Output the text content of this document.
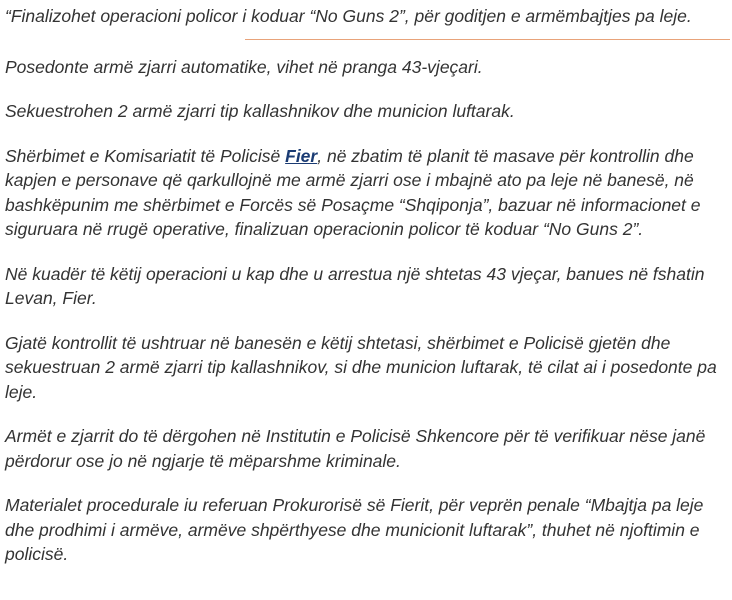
“Finalizohet operacioni policor i koduar “No Guns 2”, për goditjen e armëmbajtjes pa leje.

Posedonte armë zjarri automatike, vihet në pranga 43-vjeçari.

Sekuestrohen 2 armë zjarri tip kallashnikov dhe municion luftarak.

Shërbimet e Komisariatit të Policisë Fier, në zbatim të planit të masave për kontrollin dhe kapjen e personave që qarkullojnë me armë zjarri ose i mbajnë ato pa leje në banesë, në bashkëpunim me shërbimet e Forcës së Posaçme “Shqiponja”, bazuar në informacionet e siguruara në rrugë operative, finalizuan operacionin policor të koduar “No Guns 2”.

Në kuadër të këtij operacioni u kap dhe u arrestua një shtetas 43 vjeçar, banues në fshatin Levan, Fier.

Gjatë kontrollit të ushtruar në banesën e këtij shtetasi, shërbimet e Policisë gjetën dhe sekuestruan 2 armë zjarri tip kallashnikov, si dhe municion luftarak, të cilat ai i posedonte pa leje.

Armët e zjarrit do të dërgohen në Institutin e Policisë Shkencore për të verifikuar nëse janë përdorur ose jo në ngjarje të mëparshme kriminale.

Materialet procedurale iu referuan Prokurorisë së Fierit, për veprën penale “Mbajtja pa leje dhe prodhimi i armëve, armëve shpërthyese dhe municionit luftarak”, thuhet në njoftimin e policisë.
